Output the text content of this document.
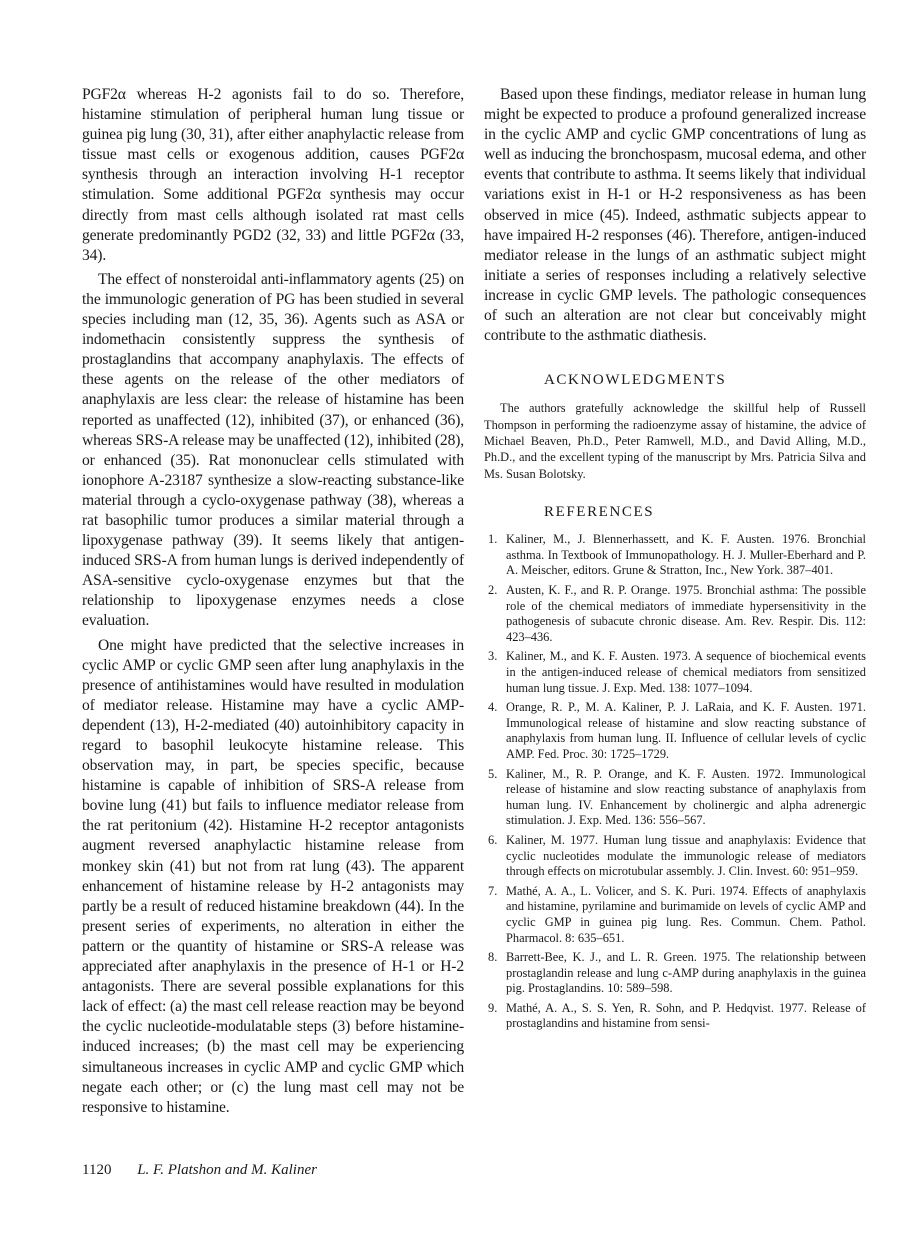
PGF2α whereas H-2 agonists fail to do so. Therefore, histamine stimulation of peripheral human lung tissue or guinea pig lung (30, 31), after either anaphylactic release from tissue mast cells or exogenous addition, causes PGF2α synthesis through an interaction involving H-1 receptor stimulation. Some additional PGF2α synthesis may occur directly from mast cells although isolated rat mast cells generate predominantly PGD2 (32, 33) and little PGF2α (33, 34).

The effect of nonsteroidal anti-inflammatory agents (25) on the immunologic generation of PG has been studied in several species including man (12, 35, 36). Agents such as ASA or indomethacin consistently suppress the synthesis of prostaglandins that accompany anaphylaxis. The effects of these agents on the release of the other mediators of anaphylaxis are less clear: the release of histamine has been reported as unaffected (12), inhibited (37), or enhanced (36), whereas SRS-A release may be unaffected (12), inhibited (28), or enhanced (35). Rat mononuclear cells stimulated with ionophore A-23187 synthesize a slow-reacting substance-like material through a cyclo-oxygenase pathway (38), whereas a rat basophilic tumor produces a similar material through a lipoxygenase pathway (39). It seems likely that antigen-induced SRS-A from human lungs is derived independently of ASA-sensitive cyclo-oxygenase enzymes but that the relationship to lipoxygenase enzymes needs a close evaluation.

One might have predicted that the selective increases in cyclic AMP or cyclic GMP seen after lung anaphylaxis in the presence of antihistamines would have resulted in modulation of mediator release. Histamine may have a cyclic AMP-dependent (13), H-2-mediated (40) autoinhibitory capacity in regard to basophil leukocyte histamine release. This observation may, in part, be species specific, because histamine is capable of inhibition of SRS-A release from bovine lung (41) but fails to influence mediator release from the rat peritonium (42). Histamine H-2 receptor antagonists augment reversed anaphylactic histamine release from monkey skin (41) but not from rat lung (43). The apparent enhancement of histamine release by H-2 antagonists may partly be a result of reduced histamine breakdown (44). In the present series of experiments, no alteration in either the pattern or the quantity of histamine or SRS-A release was appreciated after anaphylaxis in the presence of H-1 or H-2 antagonists. There are several possible explanations for this lack of effect: (a) the mast cell release reaction may be beyond the cyclic nucleotide-modulatable steps (3) before histamine-induced increases; (b) the mast cell may be experiencing simultaneous increases in cyclic AMP and cyclic GMP which negate each other; or (c) the lung mast cell may not be responsive to histamine.

Based upon these findings, mediator release in human lung might be expected to produce a profound generalized increase in the cyclic AMP and cyclic GMP concentrations of lung as well as inducing the bronchospasm, mucosal edema, and other events that contribute to asthma. It seems likely that individual variations exist in H-1 or H-2 responsiveness as has been observed in mice (45). Indeed, asthmatic subjects appear to have impaired H-2 responses (46). Therefore, antigen-induced mediator release in the lungs of an asthmatic subject might initiate a series of responses including a relatively selective increase in cyclic GMP levels. The pathologic consequences of such an alteration are not clear but conceivably might contribute to the asthmatic diathesis.

ACKNOWLEDGMENTS

The authors gratefully acknowledge the skillful help of Russell Thompson in performing the radioenzyme assay of histamine, the advice of Michael Beaven, Ph.D., Peter Ramwell, M.D., and David Alling, M.D., Ph.D., and the excellent typing of the manuscript by Mrs. Patricia Silva and Ms. Susan Bolotsky.

REFERENCES
1. Kaliner, M., J. Blennerhassett, and K. F. Austen. 1976. Bronchial asthma. In Textbook of Immunopathology. H. J. Muller-Eberhard and P. A. Meischer, editors. Grune & Stratton, Inc., New York. 387–401.
2. Austen, K. F., and R. P. Orange. 1975. Bronchial asthma: The possible role of the chemical mediators of immediate hypersensitivity in the pathogenesis of subacute chronic disease. Am. Rev. Respir. Dis. 112: 423–436.
3. Kaliner, M., and K. F. Austen. 1973. A sequence of biochemical events in the antigen-induced release of chemical mediators from sensitized human lung tissue. J. Exp. Med. 138: 1077–1094.
4. Orange, R. P., M. A. Kaliner, P. J. LaRaia, and K. F. Austen. 1971. Immunological release of histamine and slow reacting substance of anaphylaxis from human lung. II. Influence of cellular levels of cyclic AMP. Fed. Proc. 30: 1725–1729.
5. Kaliner, M., R. P. Orange, and K. F. Austen. 1972. Immunological release of histamine and slow reacting substance of anaphylaxis from human lung. IV. Enhancement by cholinergic and alpha adrenergic stimulation. J. Exp. Med. 136: 556–567.
6. Kaliner, M. 1977. Human lung tissue and anaphylaxis: Evidence that cyclic nucleotides modulate the immunologic release of mediators through effects on microtubular assembly. J. Clin. Invest. 60: 951–959.
7. Mathé, A. A., L. Volicer, and S. K. Puri. 1974. Effects of anaphylaxis and histamine, pyrilamine and burimamide on levels of cyclic AMP and cyclic GMP in guinea pig lung. Res. Commun. Chem. Pathol. Pharmacol. 8: 635–651.
8. Barrett-Bee, K. J., and L. R. Green. 1975. The relationship between prostaglandin release and lung c-AMP during anaphylaxis in the guinea pig. Prostaglandins. 10: 589–598.
9. Mathé, A. A., S. S. Yen, R. Sohn, and P. Hedqvist. 1977. Release of prostaglandins and histamine from sensi-
1120 L. F. Platshon and M. Kaliner
